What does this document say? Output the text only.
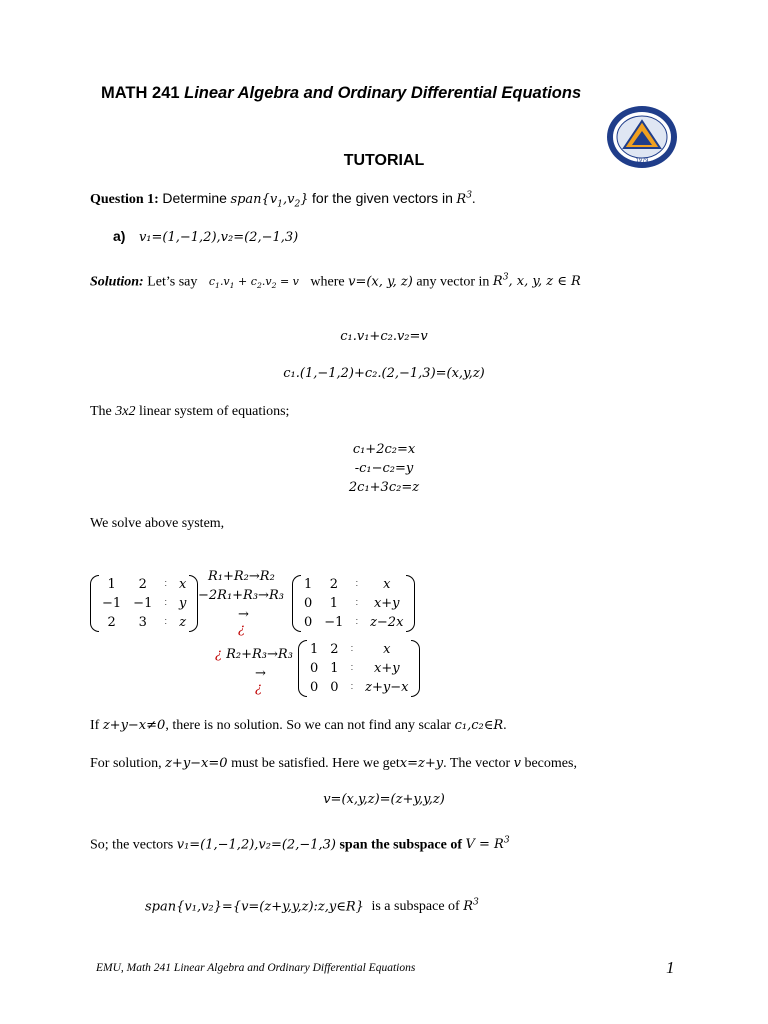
MATH 241 Linear Algebra and Ordinary Differential Equations
1979
TUTORIAL
Question 1: Determine $span\{v_1,v_2\}$ for the given vectors in $R^3$.
a) v₁=(1,−1,2),v₂=(2,−1,3)
Solution: Let’s say $c_1.v_1 + c_2.v_2 = v$ where v=(x, y, z) any vector in $R^3$, x, y, z ∈ R
c₁.v₁+c₂.v₂=v
c₁.(1,−1,2)+c₂.(2,−1,3)=(x,y,z)
The 3x2 linear system of equations;
c₁+2c₂=x
-c₁−c₂=y
2c₁+3c₂=z
We solve above system,
1	2	∶	x
−1	−1	∶	y
2	3	∶	z
R₁+R₂→R₂
−2R₁+R₃→R₃
→
¿
1	2	∶	x
0	1	∶	x+y
0	−1	∶	z−2x
¿ R₂+R₃→R₃
→
¿
1	2	∶	x
0	1	∶	x+y
0	0	∶	z+y−x
If z+y−x≠0, there is no solution. So we can not find any scalar c₁,c₂∈R.
For solution, z+y−x=0 must be satisfied. Here we getx=z+y. The vector v becomes,
v=(x,y,z)=(z+y,y,z)
So; the vectors v₁=(1,−1,2),v₂=(2,−1,3) span the subspace of $V = R^3$
span{v₁,v₂}={v=(z+y,y,z):z,y∈R} is a subspace of $R^3$
EMU, Math 241 Linear Algebra and Ordinary Differential Equations	1
